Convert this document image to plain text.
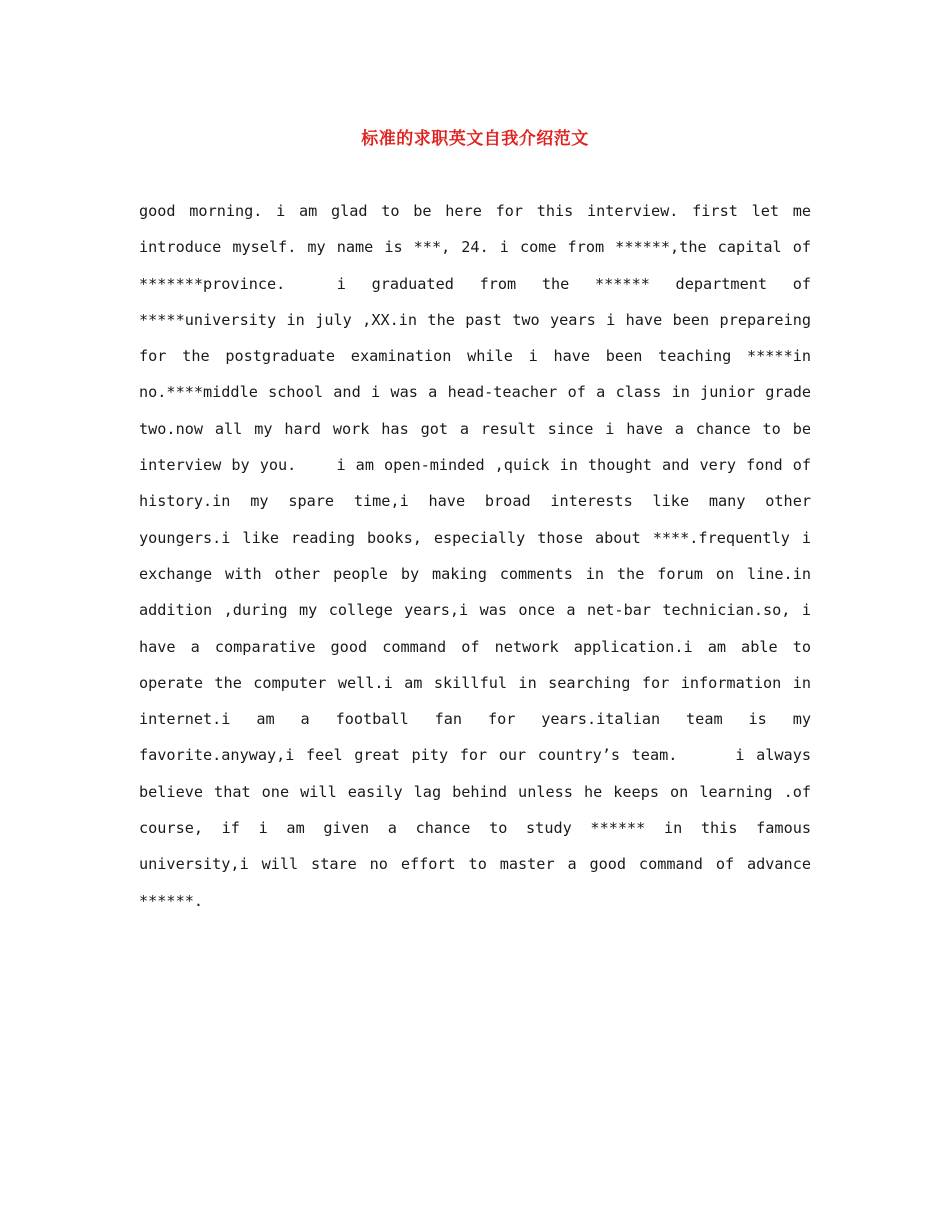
标准的求职英文自我介绍范文
good morning. i am glad to be here for this interview. first let me introduce myself. my name is ***, 24. i come from ******,the capital of *******province.  i graduated from the ****** department of *****university in july ,XX.in the past two years i have been prepareing for the postgraduate examination while i have been teaching *****in no.****middle school and i was a head-teacher of a class in junior grade two.now all my hard work has got a result since i have a chance to be interview by you.    i am open-minded ,quick in thought and very fond of history.in my spare time,i have broad interests like many other youngers.i like reading books, especially those about ****.frequently i exchange with other people by making comments in the forum on line.in addition ,during my college years,i was once a net-bar technician.so, i have a comparative good command of network application.i am able to operate the computer well.i am skillful in searching for information in internet.i am a football fan for years.italian team is my favorite.anyway,i feel great pity for our country’s team.     i always believe that one will easily lag behind unless he keeps on learning .of course, if i am given a chance to study ****** in this famous university,i will stare no effort to master a good command of advance ******.
